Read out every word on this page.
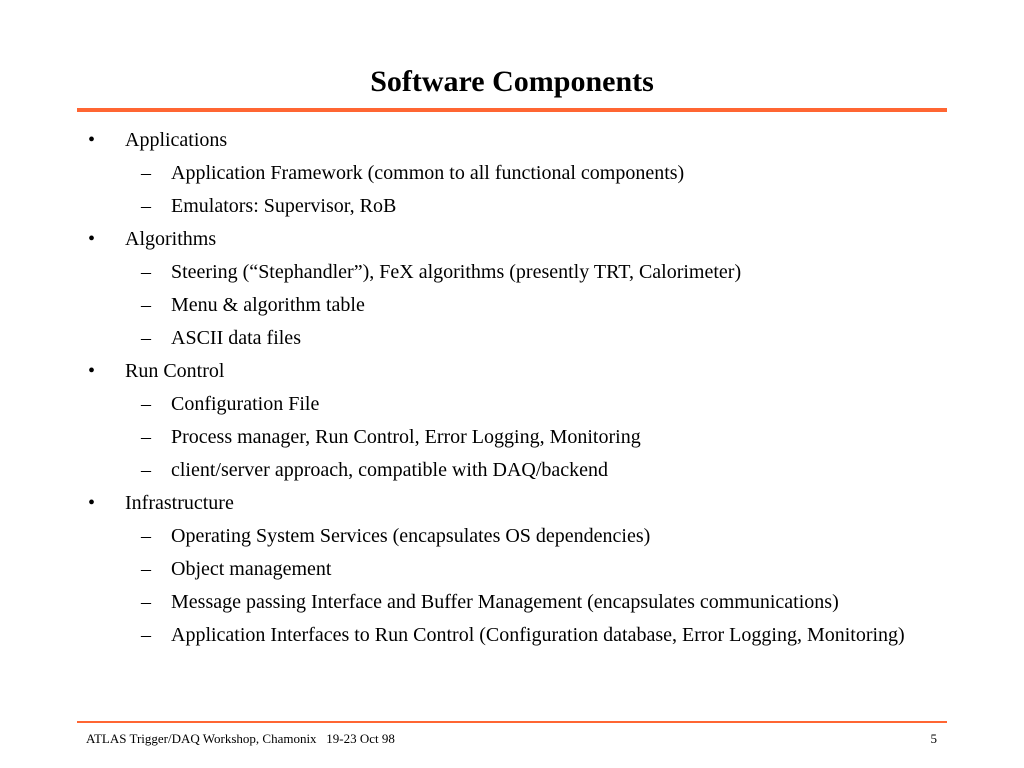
Software Components
• Applications
– Application Framework (common to all functional components)
– Emulators: Supervisor, RoB
• Algorithms
– Steering (“Stephandler”), FeX algorithms (presently TRT, Calorimeter)
– Menu & algorithm table
– ASCII data files
• Run Control
– Configuration File
– Process manager, Run Control, Error Logging, Monitoring
– client/server approach, compatible with DAQ/backend
• Infrastructure
– Operating System Services (encapsulates OS dependencies)
– Object management
– Message passing Interface and Buffer Management (encapsulates communications)
– Application Interfaces to Run Control (Configuration database, Error Logging, Monitoring)
ATLAS Trigger/DAQ Workshop, Chamonix   19-23 Oct 98	5
